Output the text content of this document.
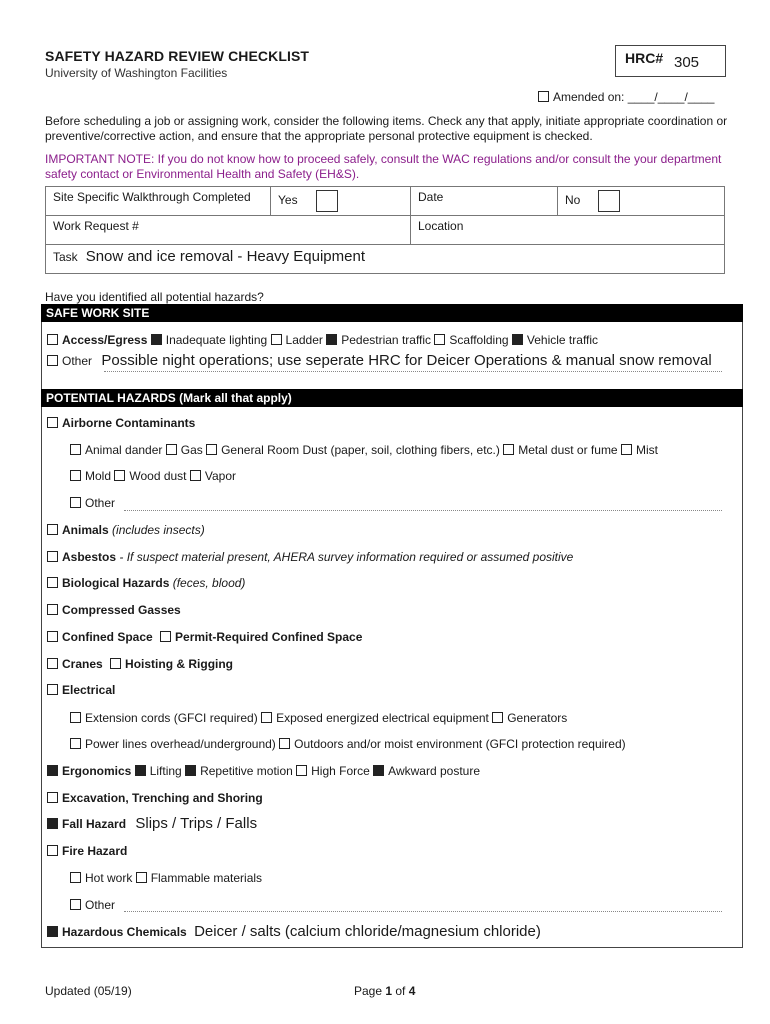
SAFETY HAZARD REVIEW CHECKLIST
University of Washington Facilities
HRC# 305
Amended on: ____/____/____
Before scheduling a job or assigning work, consider the following items. Check any that apply, initiate appropriate coordination or preventive/corrective action, and ensure that the appropriate personal protective equipment is checked.
IMPORTANT NOTE: If you do not know how to proceed safely, consult the WAC regulations and/or consult the your department safety contact or Environmental Health and Safety (EH&S).
Site Specific Walkthrough Completed	Yes	Date	No
Work Request #		Location	
Task Snow and ice removal - Heavy Equipment			
Have you identified all potential hazards?
SAFE WORK SITE
Access/Egress Inadequate lighting Ladder Pedestrian traffic Scaffolding Vehicle traffic
Other Possible night operations; use seperate HRC for Deicer Operations & manual snow removal
POTENTIAL HAZARDS (Mark all that apply)
Airborne Contaminants
Animal dander Gas General Room Dust (paper, soil, clothing fibers, etc.) Metal dust or fume Mist
Mold Wood dust Vapor
Other
Animals (includes insects)
Asbestos - If suspect material present, AHERA survey information required or assumed positive
Biological Hazards (feces, blood)
Compressed Gasses
Confined Space Permit-Required Confined Space
Cranes Hoisting & Rigging
Electrical
Extension cords (GFCI required) Exposed energized electrical equipment Generators
Power lines overhead/underground) Outdoors and/or moist environment (GFCI protection required)
Ergonomics Lifting Repetitive motion High Force Awkward posture
Excavation, Trenching and Shoring
Fall Hazard Slips / Trips / Falls
Fire Hazard
Hot work Flammable materials
Other
Hazardous Chemicals Deicer / salts (calcium chloride/magnesium chloride)
Updated (05/19)	Page 1 of 4
